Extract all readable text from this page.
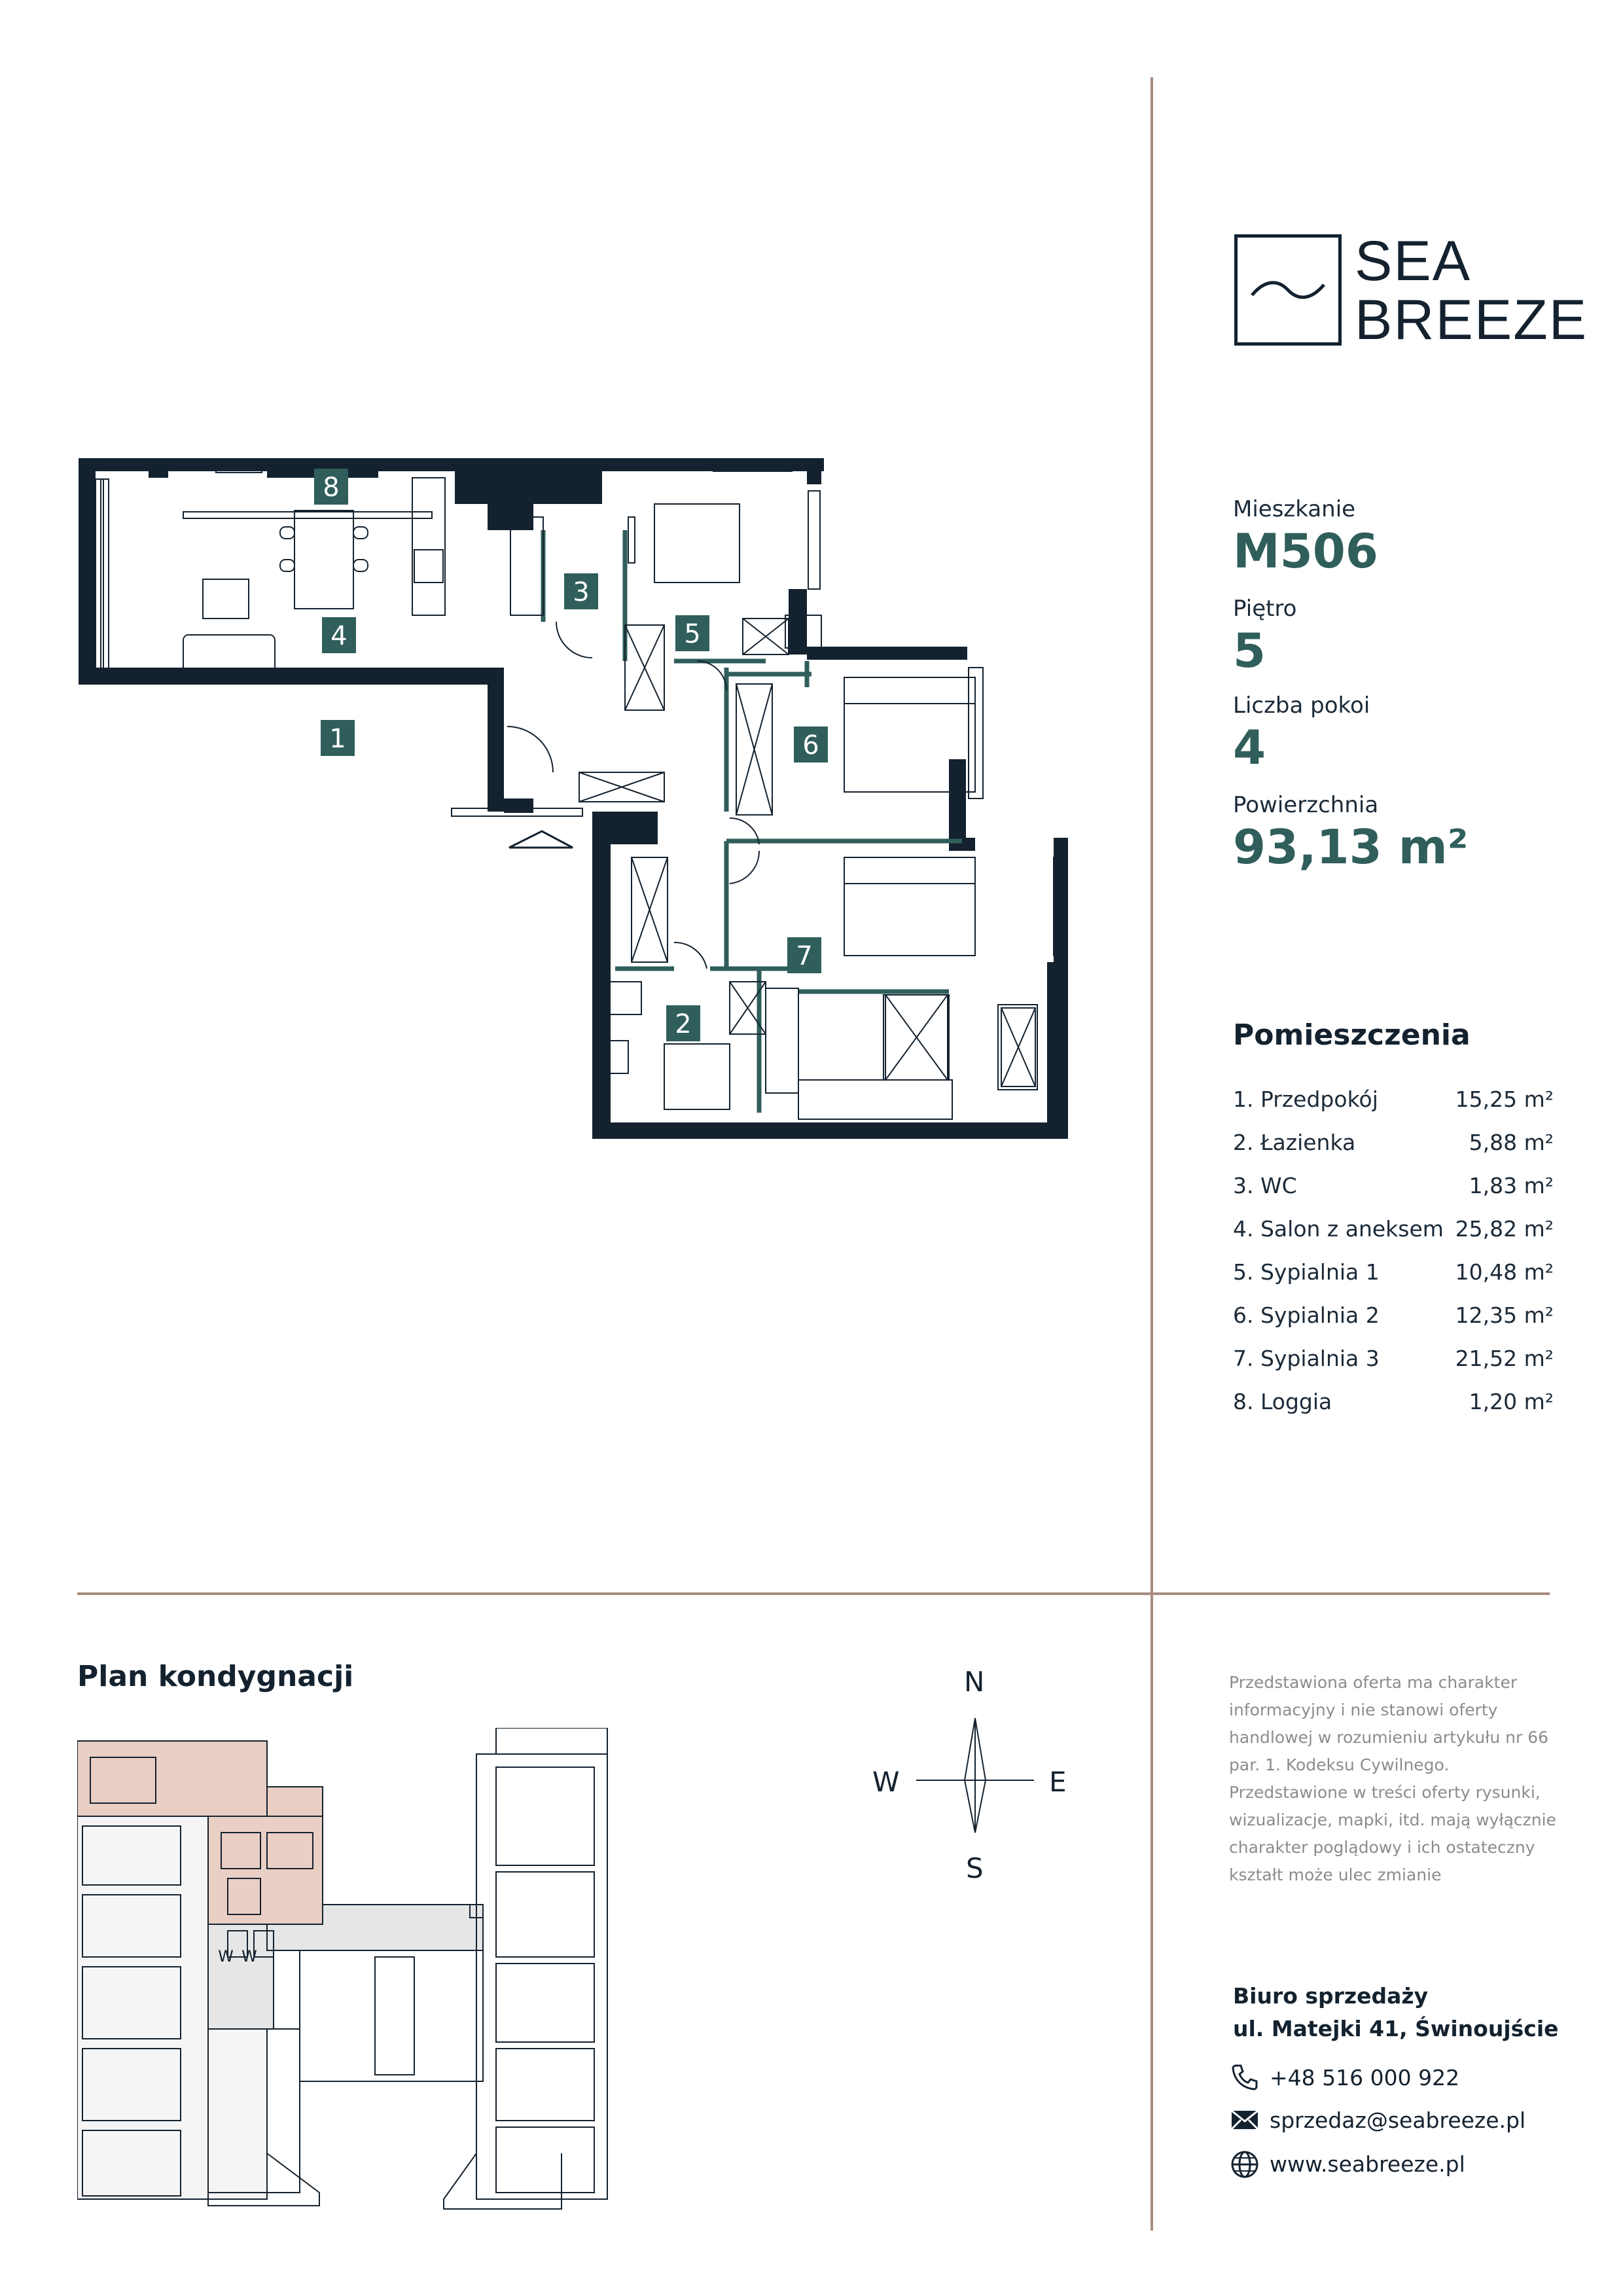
SEA
BREEZE
Mieszkanie
M506
Piętro
5
Liczba pokoi
4
Powierzchnia
93,13 m²
Pomieszczenia
1. Przedpokój	15,25 m²
2. Łazienka	5,88 m²
3. WC	1,83 m²
4. Salon z aneksem 25,82 m²
5. Sypialnia 1	10,48 m²
6. Sypialnia 2	12,35 m²
7. Sypialnia 3	21,52 m²
8. Loggia	1,20 m²
1
3
4	5
6
7
8
2
Plan kondygnacji
W W
N
S
W	E
Przedstawiona oferta ma charakter informacyjny i nie stanowi oferty handlowej w rozumieniu artykułu nr 66 par. 1. Kodeksu Cywilnego. Przedstawione w treści oferty rysunki, wizualizacje, mapki, itd. mają wyłącznie charakter poglądowy i ich ostateczny kształt może ulec zmianie
Biuro sprzedaży
ul. Matejki 41, Świnoujście
+48 516 000 922
sprzedaz@seabreeze.pl
www.seabreeze.pl
